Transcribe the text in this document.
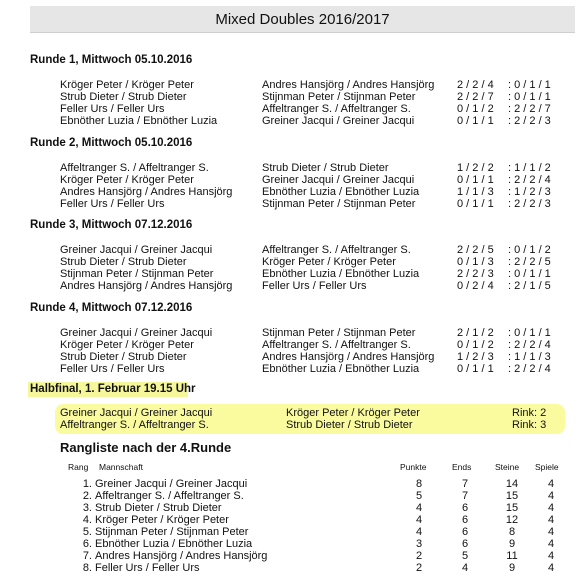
Mixed Doubles 2016/2017
Runde 1, Mittwoch 05.10.2016
Kröger Peter / Kröger Peter	Andres Hansjörg / Andres Hansjörg 2 / 2 / 4 : 0 / 1 / 1
Strub Dieter / Strub Dieter	Stijnman Peter / Stijnman Peter	2 / 2 / 7 : 0 / 1 / 1
Feller Urs / Feller Urs	Affeltranger S. / Affeltranger S.	0 / 1 / 2 : 2 / 2 / 7
Ebnöther Luzia / Ebnöther Luzia	Greiner Jacqui / Greiner Jacqui	0 / 1 / 1 : 2 / 2 / 3
Runde 2, Mittwoch 05.10.2016
Affeltranger S. / Affeltranger S.	Strub Dieter / Strub Dieter	1 / 2 / 2 : 1 / 1 / 2
Kröger Peter / Kröger Peter	Greiner Jacqui / Greiner Jacqui	0 / 1 / 1 : 2 / 2 / 4
Andres Hansjörg / Andres Hansjörg	Ebnöther Luzia / Ebnöther Luzia	1 / 1 / 3 : 1 / 2 / 3
Feller Urs / Feller Urs	Stijnman Peter / Stijnman Peter	0 / 1 / 1 : 2 / 2 / 3
Runde 3, Mittwoch 07.12.2016
Greiner Jacqui / Greiner Jacqui	Affeltranger S. / Affeltranger S.	2 / 2 / 5 : 0 / 1 / 2
Strub Dieter / Strub Dieter	Kröger Peter / Kröger Peter	0 / 1 / 3 : 2 / 2 / 5
Stijnman Peter / Stijnman Peter	Ebnöther Luzia / Ebnöther Luzia	2 / 2 / 3 : 0 / 1 / 1
Andres Hansjörg / Andres Hansjörg	Feller Urs / Feller Urs	0 / 2 / 4 : 2 / 1 / 5
Runde 4, Mittwoch 07.12.2016
Greiner Jacqui / Greiner Jacqui	Stijnman Peter / Stijnman Peter	2 / 1 / 2 : 0 / 1 / 1
Kröger Peter / Kröger Peter	Affeltranger S. / Affeltranger S.	0 / 1 / 2 : 2 / 2 / 4
Strub Dieter / Strub Dieter	Andres Hansjörg / Andres Hansjörg 1 / 2 / 3 : 1 / 1 / 3
Feller Urs / Feller Urs	Ebnöther Luzia / Ebnöther Luzia	0 / 1 / 1 : 2 / 2 / 4
Halbfinal, 1. Februar 19.15 Uhr
Greiner Jacqui / Greiner Jacqui	Kröger Peter / Kröger Peter	Rink: 2
Affeltranger S. / Affeltranger S.	Strub Dieter / Strub Dieter	Rink: 3
Rangliste nach der 4.Runde
Rang Mannschaft	Punkte	Ends	Steine Spiele
1. Greiner Jacqui / Greiner Jacqui	8	7	14	4
2. Affeltranger S. / Affeltranger S.	5	7	15	4
3. Strub Dieter / Strub Dieter	4	6	15	4
4. Kröger Peter / Kröger Peter	4	6	12	4
5. Stijnman Peter / Stijnman Peter	4	6	8	4
6. Ebnöther Luzia / Ebnöther Luzia	3	6	9	4
7. Andres Hansjörg / Andres Hansjörg	2	5	11	4
8. Feller Urs / Feller Urs	2	4	9	4
